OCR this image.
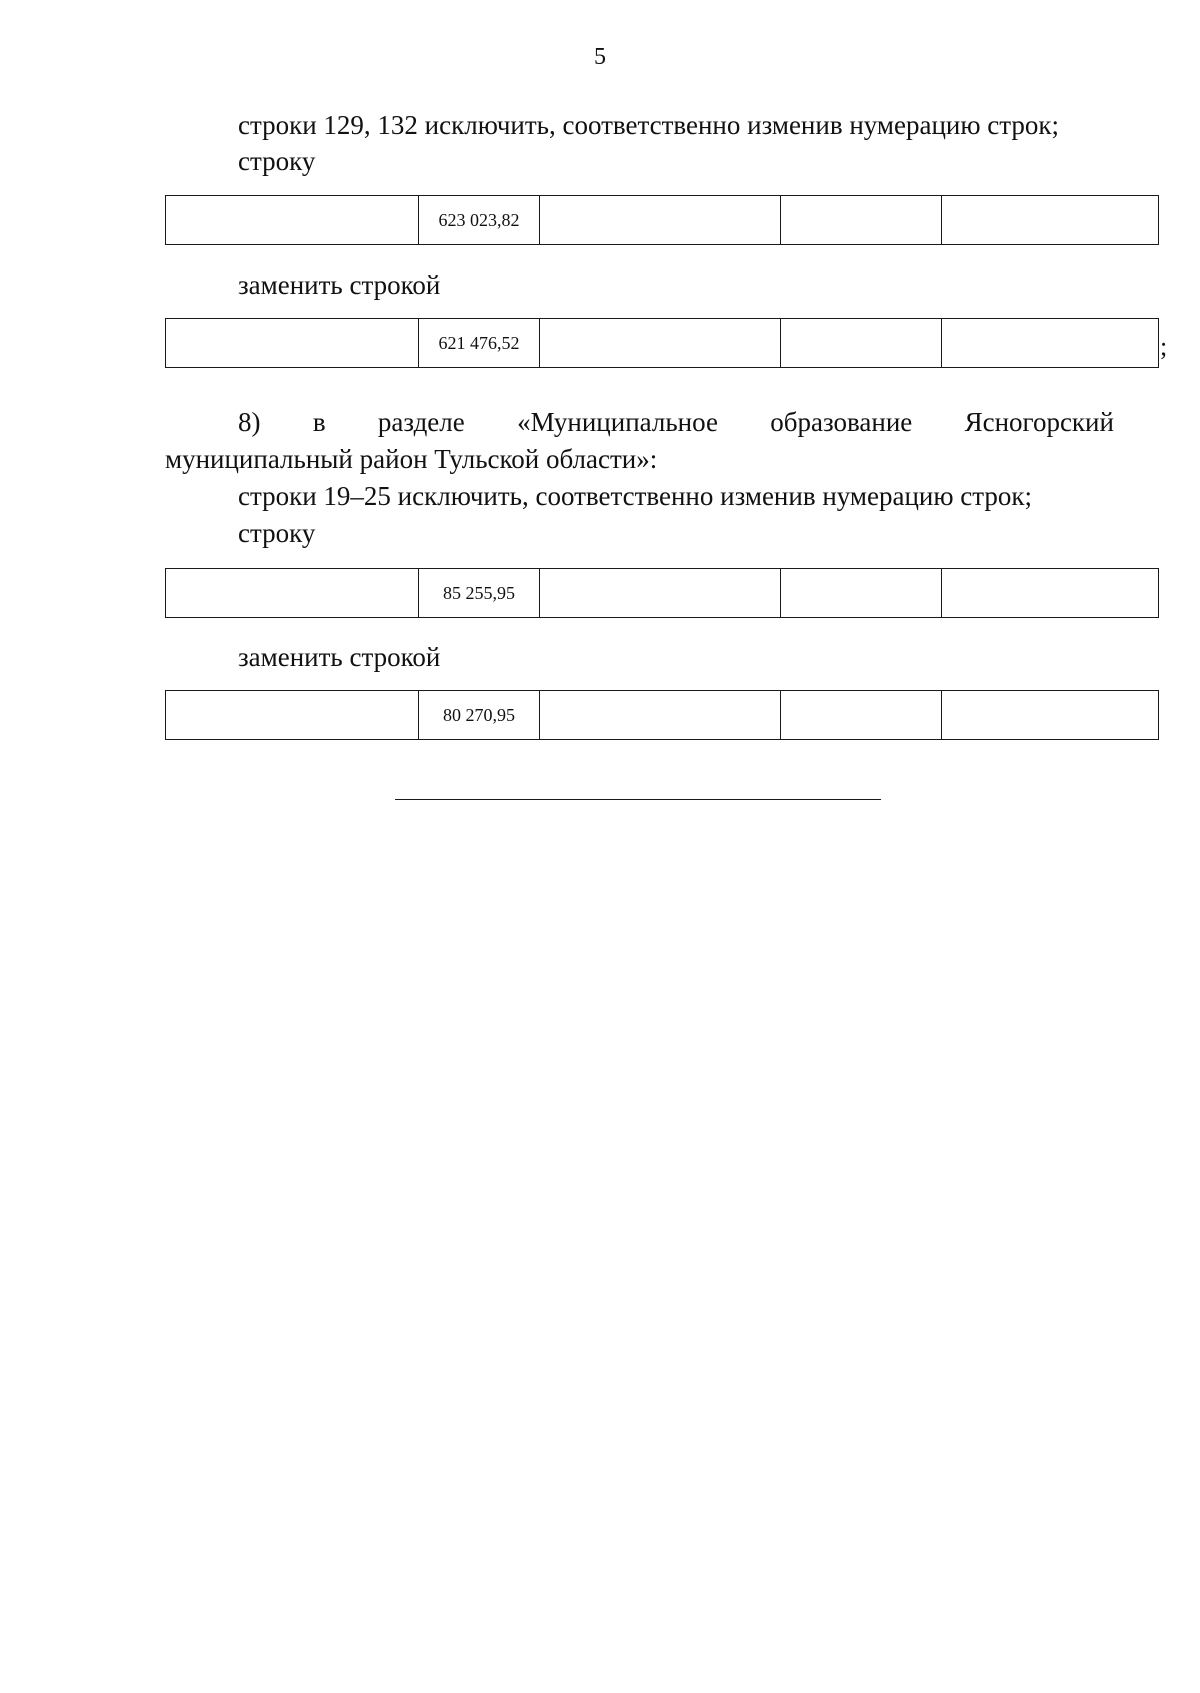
5
строки 129, 132 исключить, соответственно изменив нумерацию строк;
строку
	623 023,82			
заменить строкой
	621 476,52				;
8) в разделе «Муниципальное образование Ясногорский
муниципальный район Тульской области»:
строки 19–25 исключить, соответственно изменив нумерацию строк;
строку
	85 255,95			
заменить строкой
	80 270,95			
